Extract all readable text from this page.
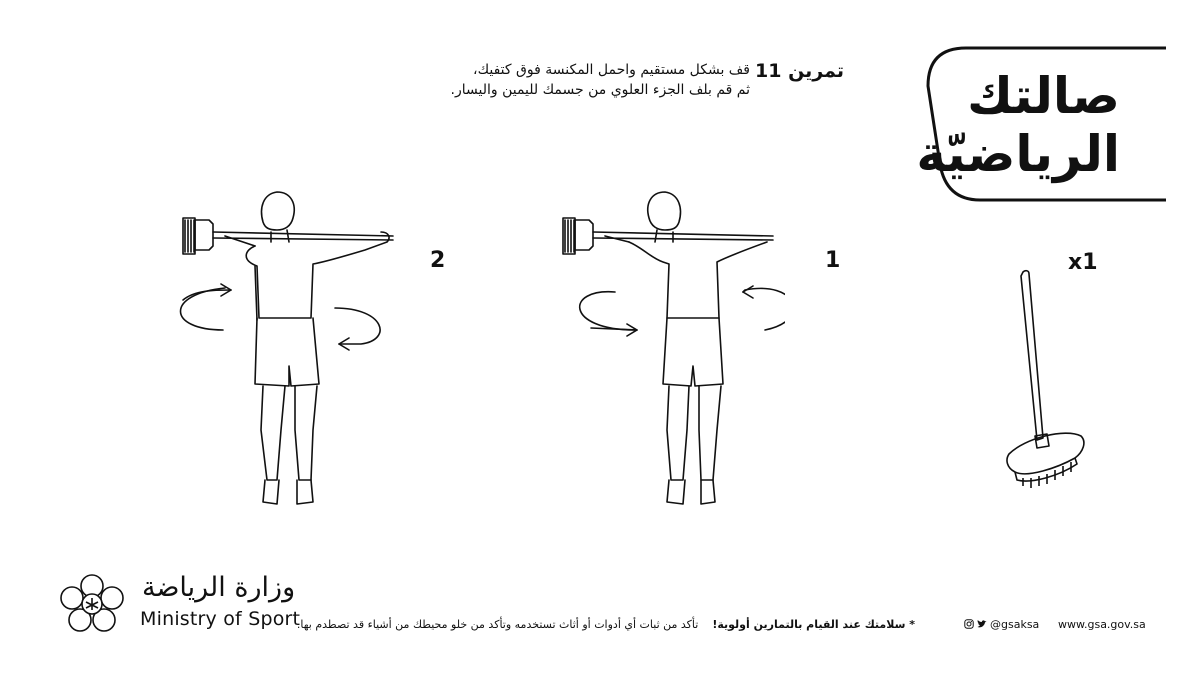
صالتك
الرياضيّة
تمرين 11
قف بشكل مستقيم واحمل المكنسة فوق كتفيك،
ثم قم بلف الجزء العلوي من جسمك لليمين واليسار.
1
2	x1
وزارة الرياضة
Ministry of Sport	* سلامتك عند القيام بالتمارين أولوية!    تأكد من ثبات أي أدوات أو أثاث تستخدمه وتأكد من خلو محيطك من أشياء قد تصطدم بها.	@gsaksa www.gsa.gov.sa
